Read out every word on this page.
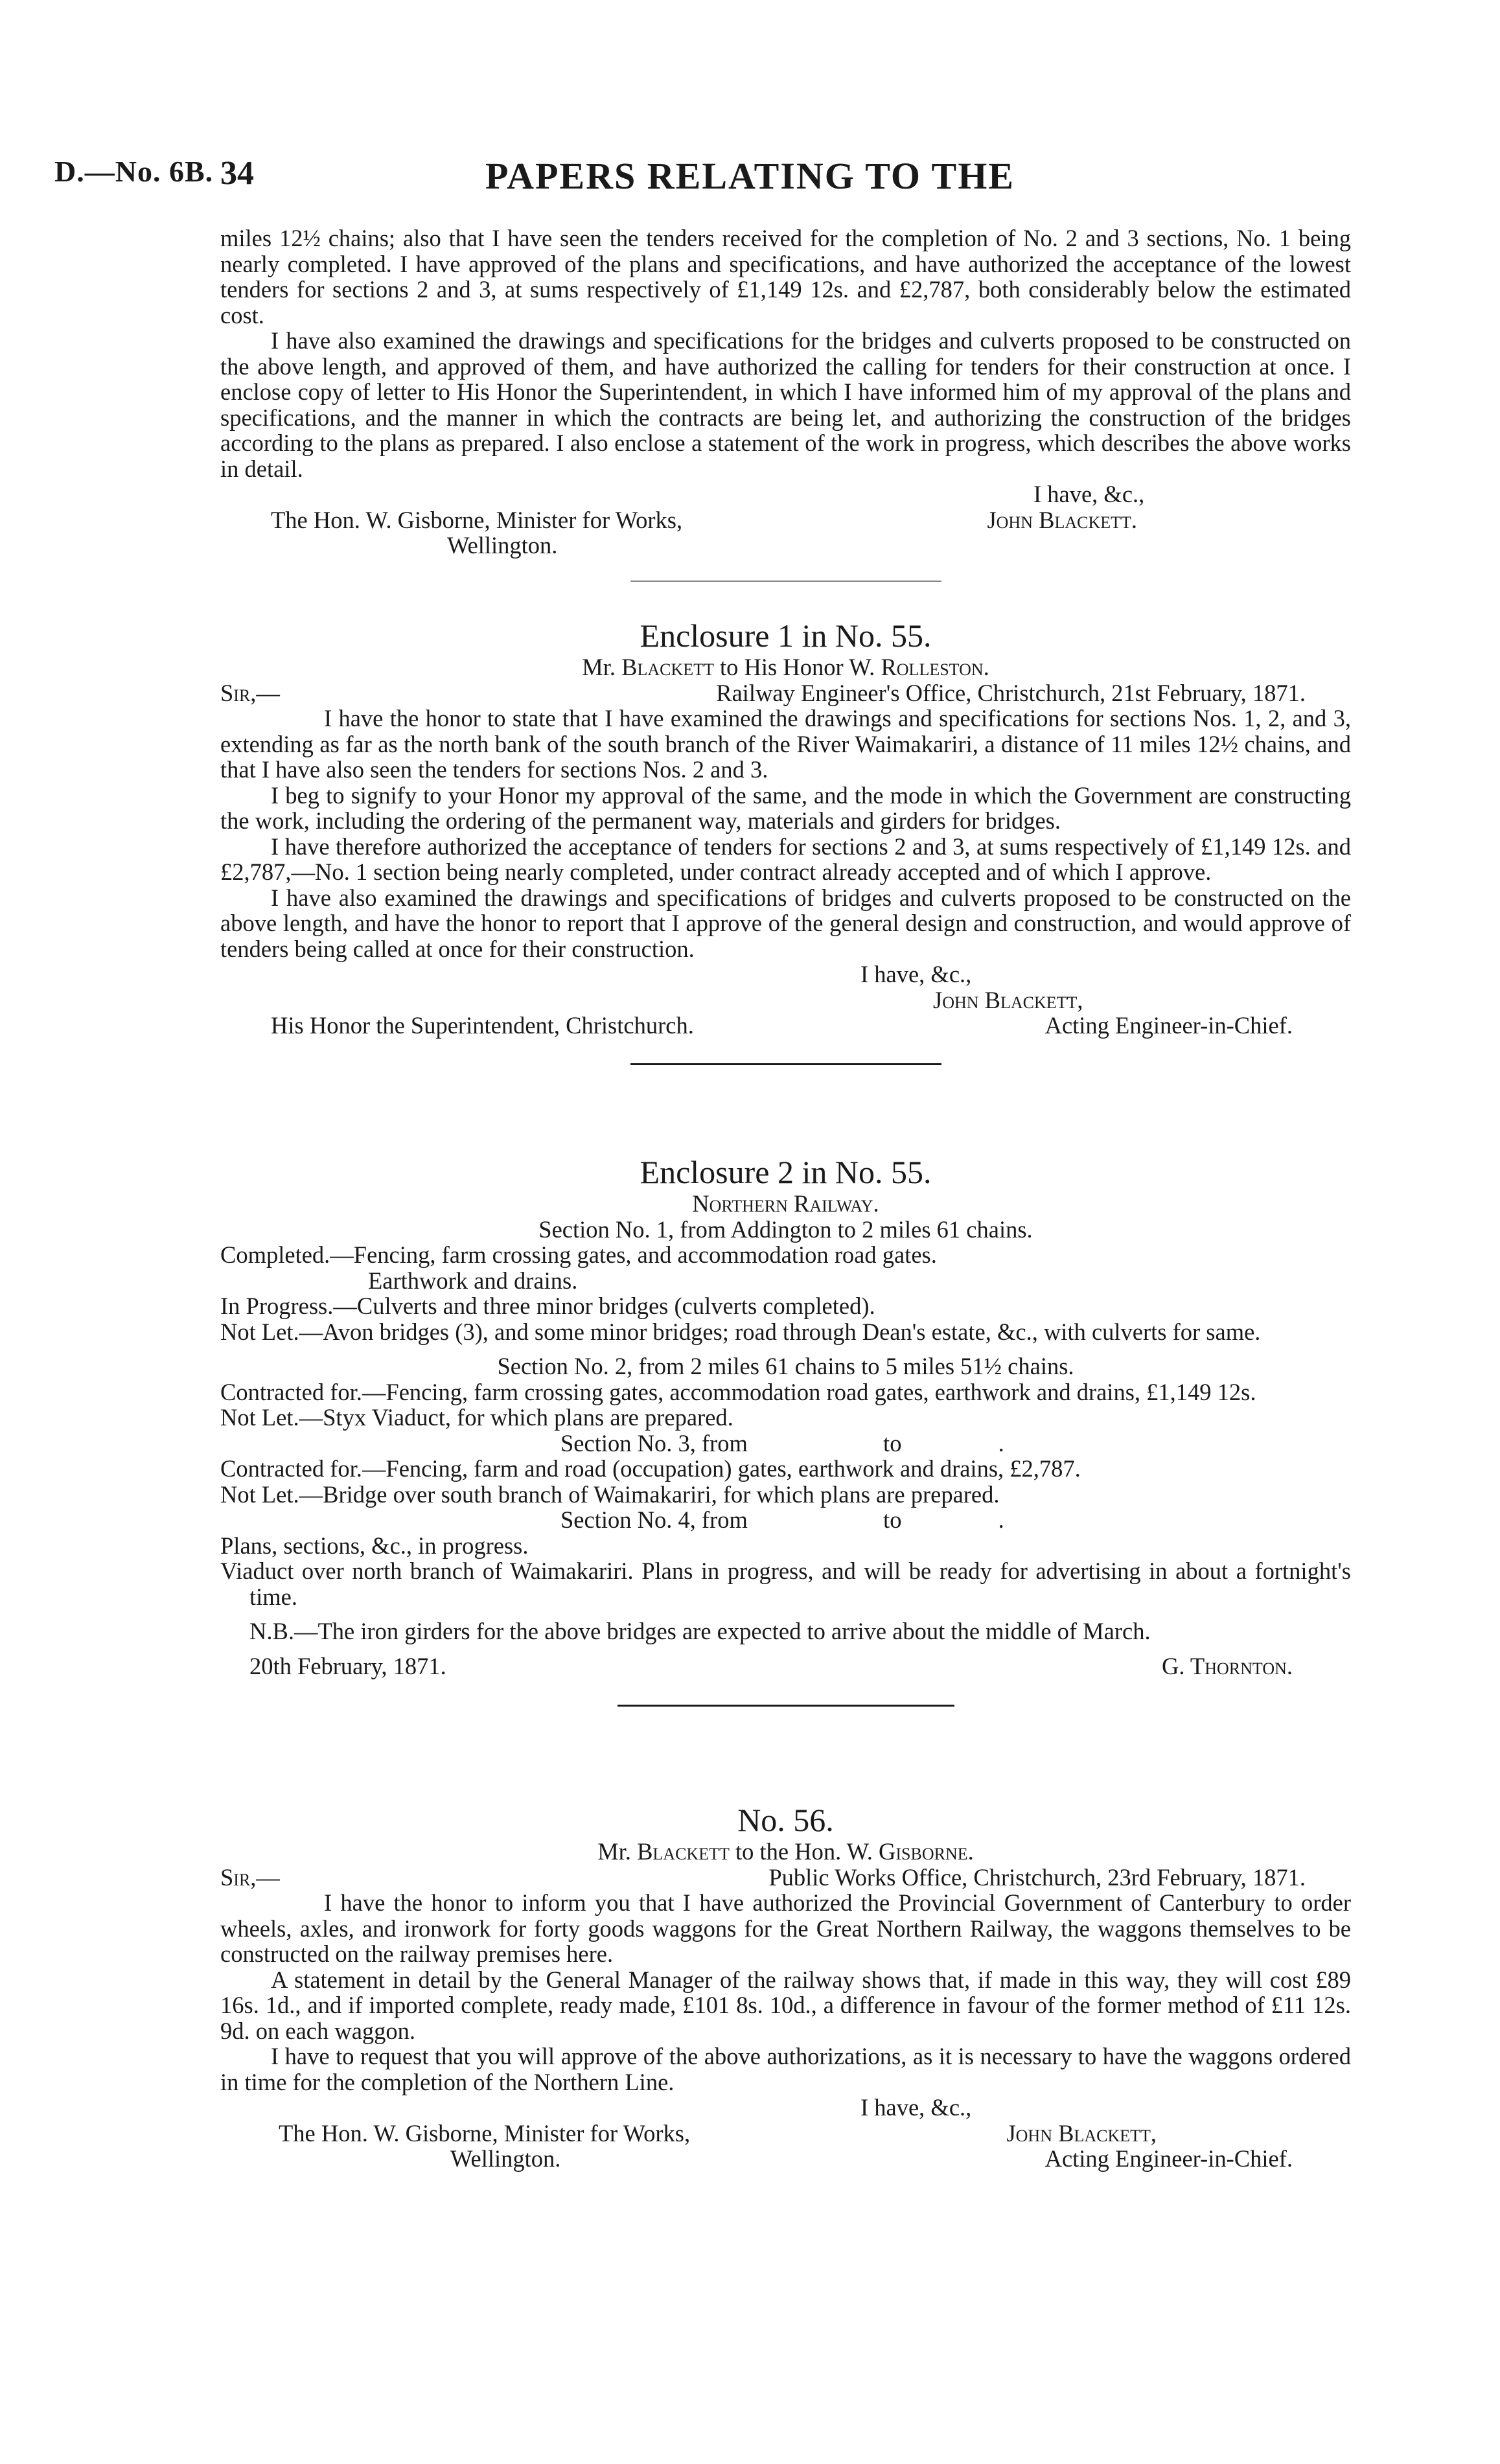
D.—No. 6B. 34	PAPERS RELATING TO THE

miles 12½ chains; also that I have seen the tenders received for the completion of No. 2 and 3 sections, No. 1 being nearly completed. I have approved of the plans and specifications, and have authorized the acceptance of the lowest tenders for sections 2 and 3, at sums respectively of £1,149 12s. and £2,787, both considerably below the estimated cost.

I have also examined the drawings and specifications for the bridges and culverts proposed to be constructed on the above length, and approved of them, and have authorized the calling for tenders for their construction at once. I enclose copy of letter to His Honor the Superintendent, in which I have informed him of my approval of the plans and specifications, and the manner in which the contracts are being let, and authorizing the construction of the bridges according to the plans as prepared. I also enclose a statement of the work in progress, which describes the above works in detail.

I have, &c.,
The Hon. W. Gisborne, Minister for Works,	John Blackett.
Wellington.
Enclosure 1 in No. 55.
Mr. Blackett to His Honor W. Rolleston.
Sir,—	Railway Engineer's Office, Christchurch, 21st February, 1871.

I have the honor to state that I have examined the drawings and specifications for sections Nos. 1, 2, and 3, extending as far as the north bank of the south branch of the River Waimakariri, a distance of 11 miles 12½ chains, and that I have also seen the tenders for sections Nos. 2 and 3.

I beg to signify to your Honor my approval of the same, and the mode in which the Government are constructing the work, including the ordering of the permanent way, materials and girders for bridges.

I have therefore authorized the acceptance of tenders for sections 2 and 3, at sums respectively of £1,149 12s. and £2,787,—No. 1 section being nearly completed, under contract already accepted and of which I approve.

I have also examined the drawings and specifications of bridges and culverts proposed to be constructed on the above length, and have the honor to report that I approve of the general design and construction, and would approve of tenders being called at once for their construction.

I have, &c.,
John Blackett,
His Honor the Superintendent, Christchurch.	Acting Engineer-in-Chief.
Enclosure 2 in No. 55.
Northern Railway.
Section No. 1, from Addington to 2 miles 61 chains.

Completed.—Fencing, farm crossing gates, and accommodation road gates.

Earthwork and drains.

In Progress.—Culverts and three minor bridges (culverts completed).

Not Let.—Avon bridges (3), and some minor bridges; road through Dean's estate, &c., with culverts for same.

Section No. 2, from 2 miles 61 chains to 5 miles 51½ chains.

Contracted for.—Fencing, farm crossing gates, accommodation road gates, earthwork and drains, £1,149 12s.

Not Let.—Styx Viaduct, for which plans are prepared.

Section No. 3, from	to	.

Contracted for.—Fencing, farm and road (occupation) gates, earthwork and drains, £2,787.

Not Let.—Bridge over south branch of Waimakariri, for which plans are prepared.

Section No. 4, from	to	.

Plans, sections, &c., in progress.

Viaduct over north branch of Waimakariri. Plans in progress, and will be ready for advertising in about a fortnight's time.

N.B.—The iron girders for the above bridges are expected to arrive about the middle of March.

20th February, 1871.	G. Thornton.
No. 56.
Mr. Blackett to the Hon. W. Gisborne.
Sir,—	Public Works Office, Christchurch, 23rd February, 1871.

I have the honor to inform you that I have authorized the Provincial Government of Canterbury to order wheels, axles, and ironwork for forty goods waggons for the Great Northern Railway, the waggons themselves to be constructed on the railway premises here.

A statement in detail by the General Manager of the railway shows that, if made in this way, they will cost £89 16s. 1d., and if imported complete, ready made, £101 8s. 10d., a difference in favour of the former method of £11 12s. 9d. on each waggon.

I have to request that you will approve of the above authorizations, as it is necessary to have the waggons ordered in time for the completion of the Northern Line.

I have, &c.,
The Hon. W. Gisborne, Minister for Works,	John Blackett,
Wellington.	Acting Engineer-in-Chief.
